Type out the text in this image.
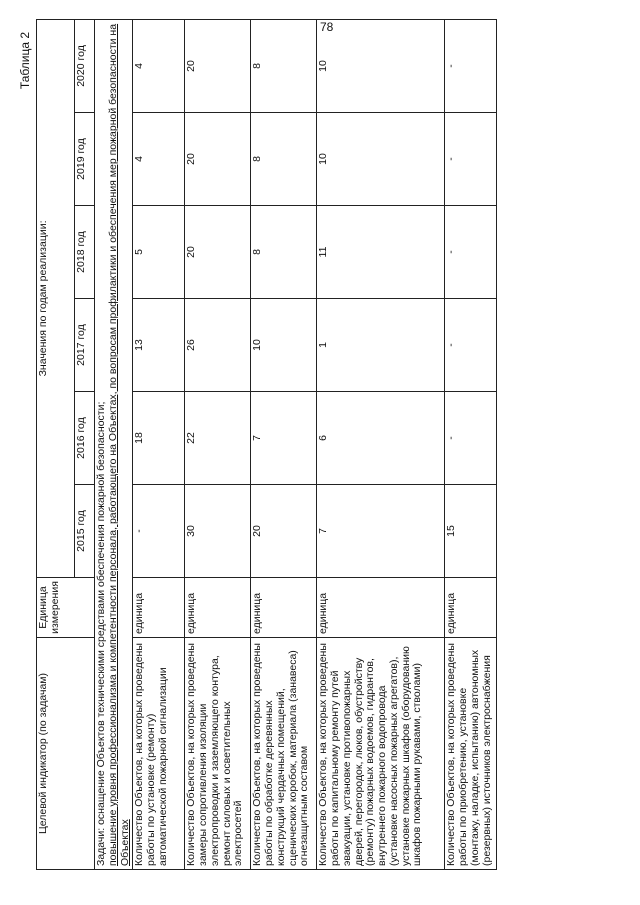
78
Таблица 2
Целевой индикатор (по задачам)	Единица измерения	Значения по годам реализации:					
		2015 год	2016 год	2017 год	2018 год	2019 год	2020 год
Задачи: оснащение Объектов техническими средствами обеспечения пожарной безопасности;
повышение уровня профессионализма и компетентности персонала, работающего на Объектах, по вопросам профилактики и обеспечения мер пожарной безопасности на Объектах							
Количество Объектов, на которых проведены работы по установке (ремонту) автоматической пожарной сигнализации	единица	-	18	13	5	4	4
Количество Объектов, на которых проведены замеры сопротивления изоляции электропроводки и заземляющего контура, ремонт силовых и осветительных электросетей	единица	30	22	26	20	20	20
Количество Объектов, на которых проведены работы по обработке деревянных конструкций чердачных помещений, сценических коробок, материала (занавеса) огнезащитным составом	единица	20	7	10	8	8	8
Количество Объектов, на которых проведены работы по капитальному ремонту путей эвакуации, установке противопожарных дверей, перегородок, люков, обустройству (ремонту) пожарных водоемов, гидрантов, внутреннего пожарного водопровода (установке насосных пожарных агрегатов), установке пожарных шкафов (оборудованию шкафов пожарными рукавами, стволами)	единица	7	6	1	11	10	10
Количество Объектов, на которых проведены работы по приобретению, установке (монтажу, наладке, испытанию) автономных (резервных) источников электроснабжения	единица	15	-	-	-	-	-
